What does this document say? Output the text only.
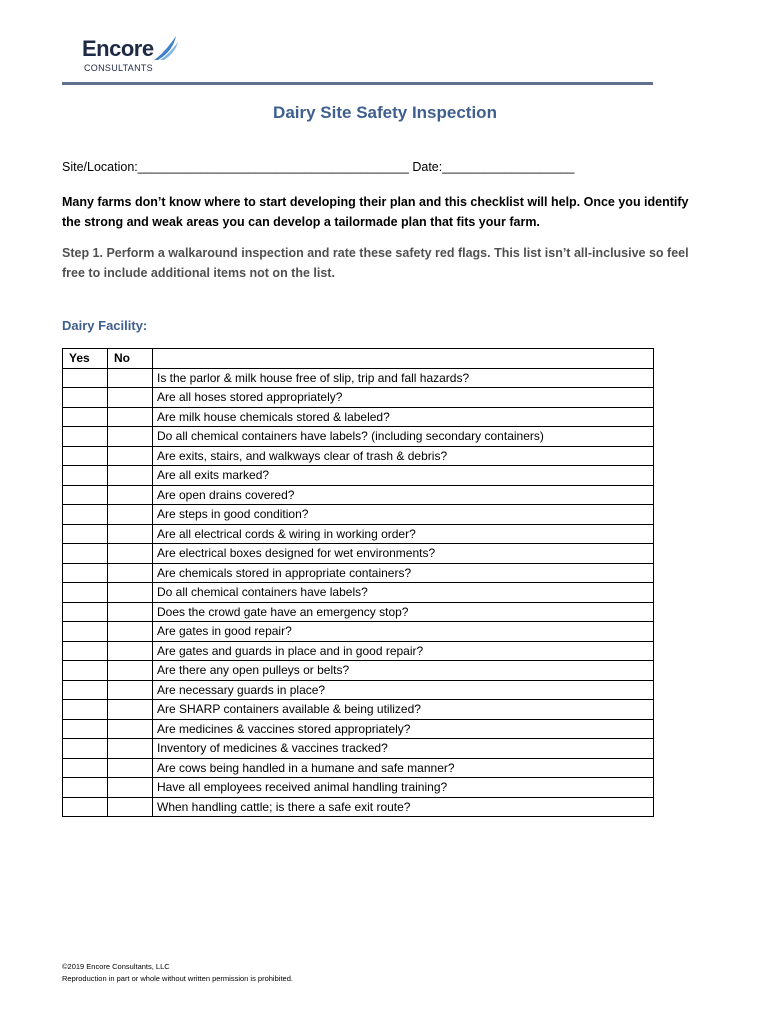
Encore
CONSULTANTS
Dairy Site Safety Inspection
Site/Location:_______________________________________ Date:___________________
Many farms don’t know where to start developing their plan and this checklist will help. Once you identify the strong and weak areas you can develop a tailormade plan that fits your farm.
Step 1. Perform a walkaround inspection and rate these safety red flags. This list isn’t all-inclusive so feel free to include additional items not on the list.
Dairy Facility:
Yes	No	
		Is the parlor & milk house free of slip, trip and fall hazards?
		Are all hoses stored appropriately?
		Are milk house chemicals stored & labeled?
		Do all chemical containers have labels? (including secondary containers)
		Are exits, stairs, and walkways clear of trash & debris?
		Are all exits marked?
		Are open drains covered?
		Are steps in good condition?
		Are all electrical cords & wiring in working order?
		Are electrical boxes designed for wet environments?
		Are chemicals stored in appropriate containers?
		Do all chemical containers have labels?
		Does the crowd gate have an emergency stop?
		Are gates in good repair?
		Are gates and guards in place and in good repair?
		Are there any open pulleys or belts?
		Are necessary guards in place?
		Are SHARP containers available & being utilized?
		Are medicines & vaccines stored appropriately?
		Inventory of medicines & vaccines tracked?
		Are cows being handled in a humane and safe manner?
		Have all employees received animal handling training?
		When handling cattle; is there a safe exit route?
©2019 Encore Consultants, LLC
Reproduction in part or whole without written permission is prohibited.
